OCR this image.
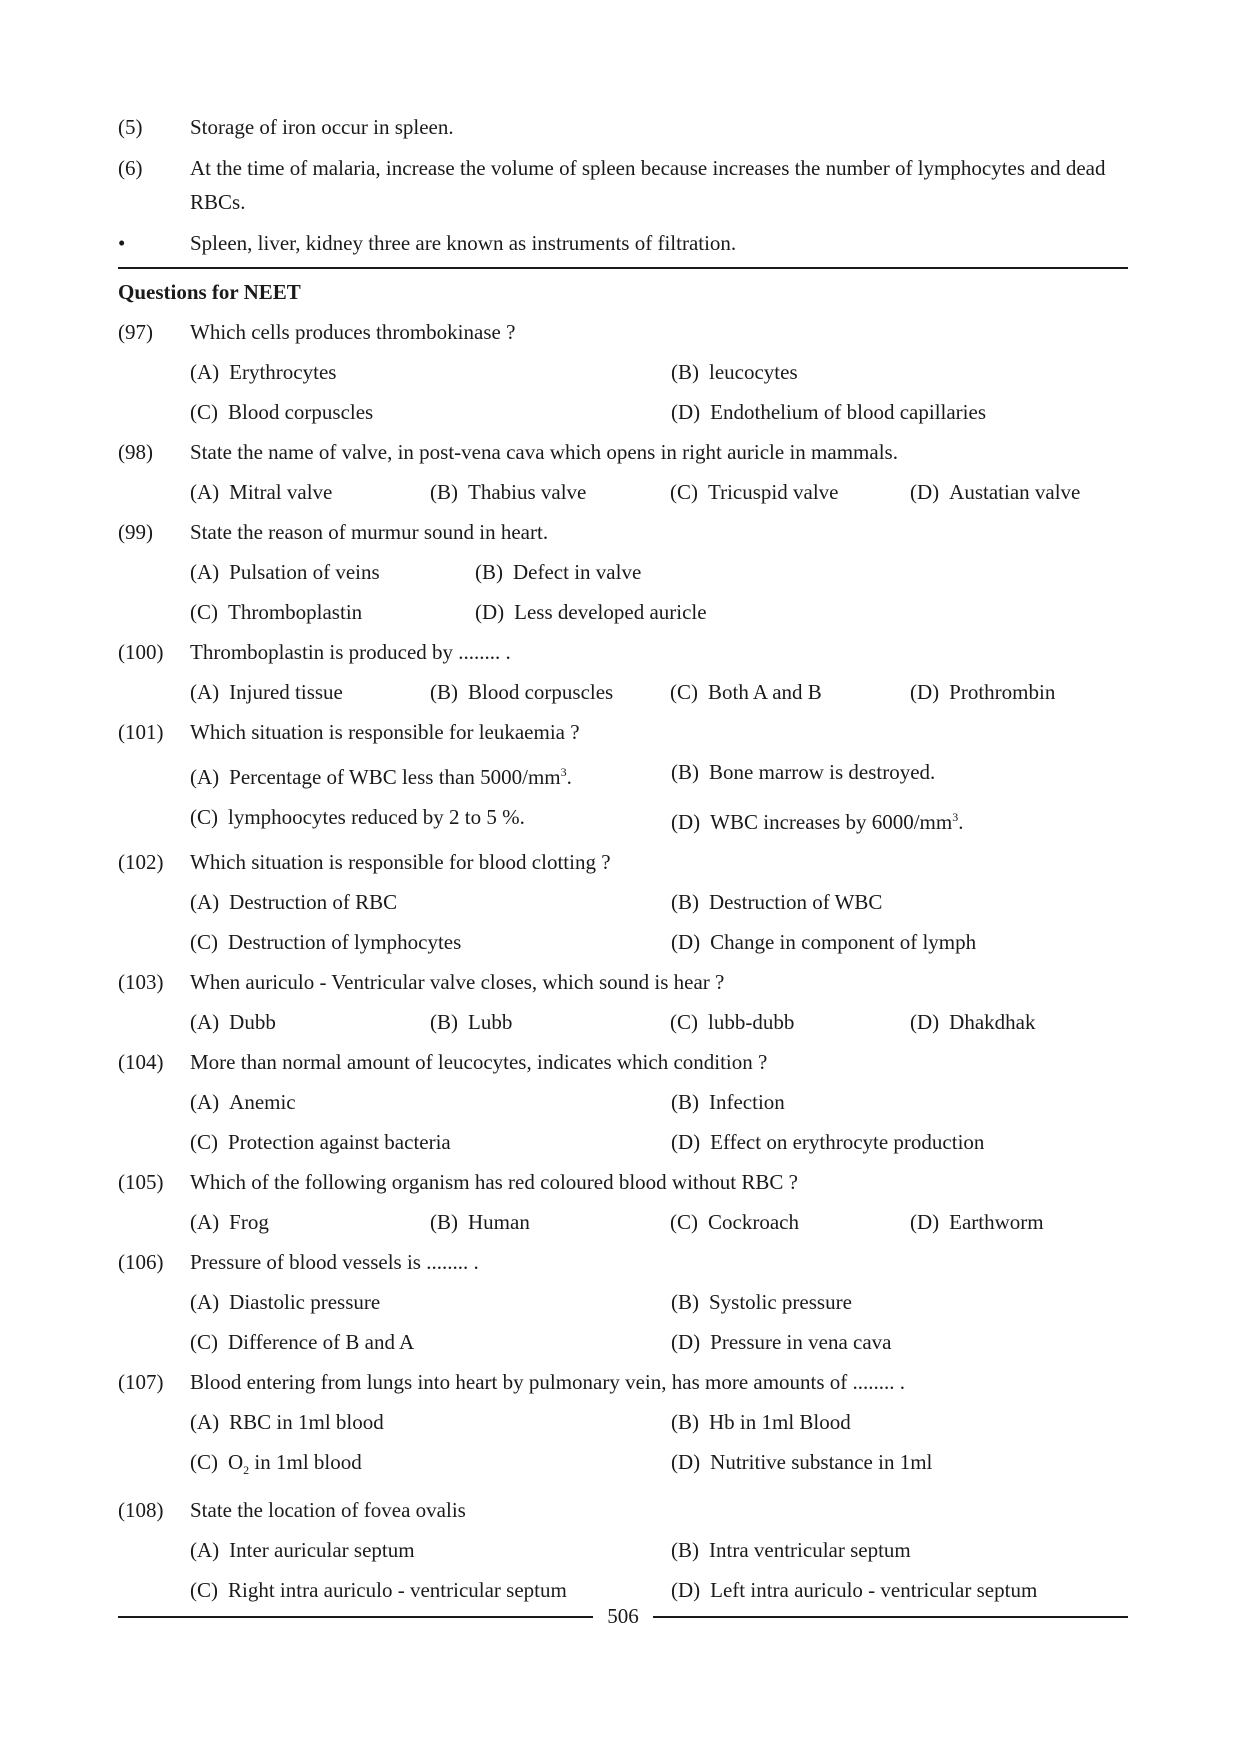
(5)	Storage of iron occur in spleen.
(6)	At the time of malaria, increase the volume of spleen because increases the number of lymphocytes and dead RBCs.
•	Spleen, liver, kidney three are known as instruments of filtration.
Questions for NEET
(97)	Which cells produces thrombokinase ?
(A) Erythrocytes	(B) leucocytes
(C) Blood corpuscles	(D) Endothelium of blood capillaries
(98)	State the name of valve, in post-vena cava which opens in right auricle in mammals.
(A) Mitral valve	(B) Thabius valve	(C) Tricuspid valve	(D) Austatian valve
(99)	State the reason of murmur sound in heart.
(A) Pulsation of veins	(B) Defect in valve
(C) Thromboplastin	(D) Less developed auricle
(100)	Thromboplastin is produced by ........ .
(A) Injured tissue	(B) Blood corpuscles	(C) Both A and B	(D) Prothrombin
(101)	Which situation is responsible for leukaemia ?
(A) Percentage of WBC less than $5000/mm^3$.	(B) Bone marrow is destroyed.
(C) lymphoocytes reduced by 2 to 5 %.	(D) WBC increases by $6000/mm^3$.
(102)	Which situation is responsible for blood clotting ?
(A) Destruction of RBC	(B) Destruction of WBC
(C) Destruction of lymphocytes	(D) Change in component of lymph
(103)	When auriculo - Ventricular valve closes, which sound is hear ?
(A) Dubb	(B) Lubb	(C) lubb-dubb	(D) Dhakdhak
(104)	More than normal amount of leucocytes, indicates which condition ?
(A) Anemic	(B) Infection
(C) Protection against bacteria	(D) Effect on erythrocyte production
(105)	Which of the following organism has red coloured blood without RBC ?
(A) Frog	(B) Human	(C) Cockroach	(D) Earthworm
(106)	Pressure of blood vessels is ........ .
(A) Diastolic pressure	(B) Systolic pressure
(C) Difference of B and A	(D) Pressure in vena cava
(107)	Blood entering from lungs into heart by pulmonary vein, has more amounts of ........ .
(A) RBC in 1ml blood	(B) Hb in 1ml Blood
(C) $O_2$ in 1ml blood	(D) Nutritive substance in 1ml
(108)	State the location of fovea ovalis
(A) Inter auricular septum	(B) Intra ventricular septum
(C) Right intra auriculo - ventricular septum	(D) Left intra auriculo - ventricular septum
506
